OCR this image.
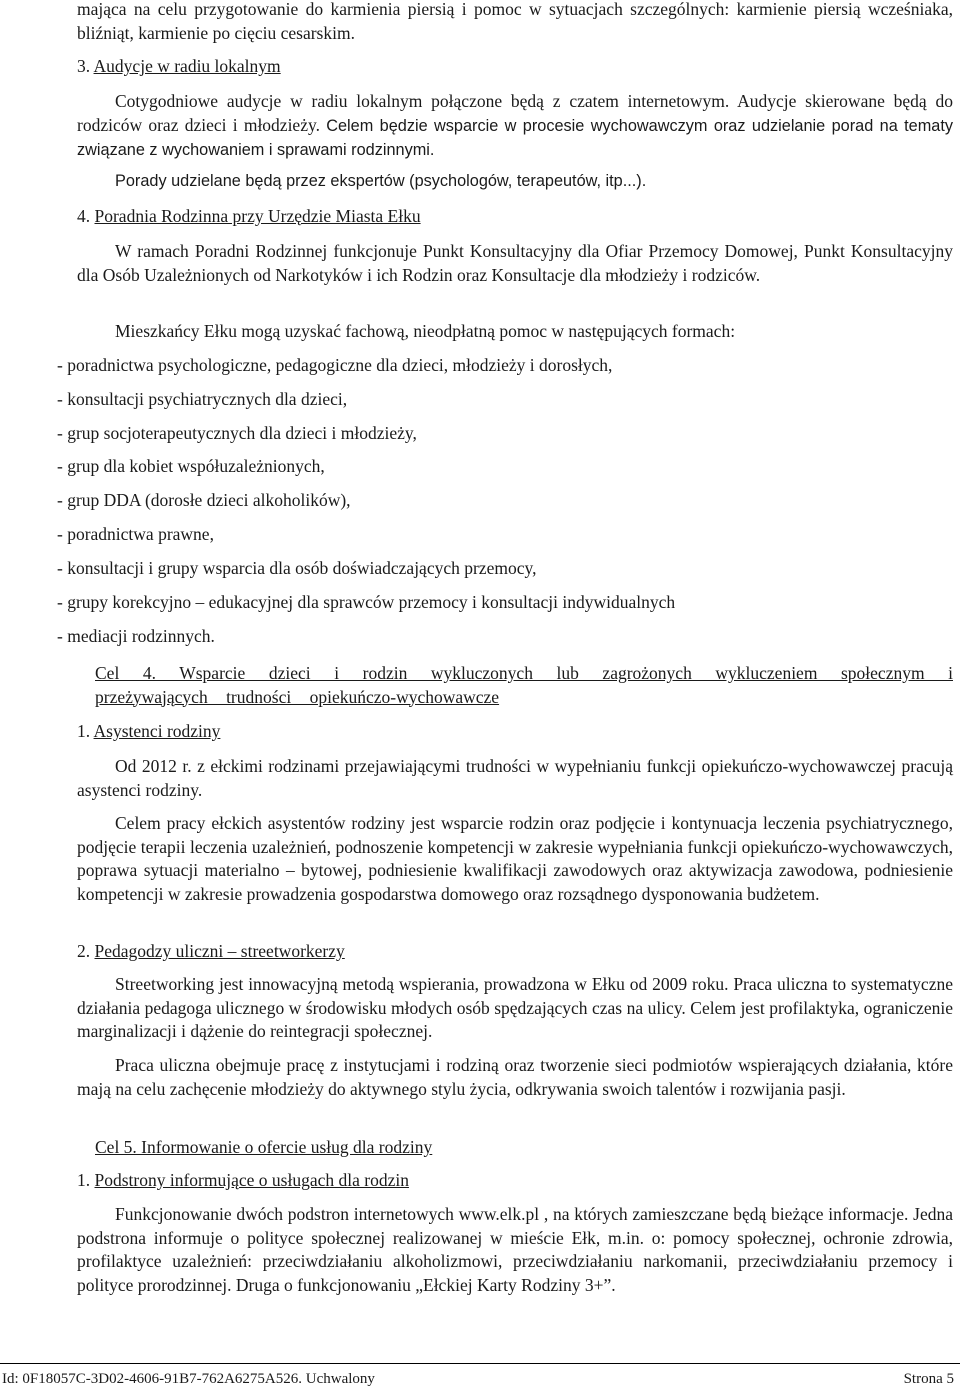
mająca na celu przygotowanie do karmienia piersią i pomoc w sytuacjach szczególnych: karmienie piersią wcześniaka, bliźniąt, karmienie po cięciu cesarskim.
3. Audycje w radiu lokalnym
Cotygodniowe audycje w radiu lokalnym połączone będą z czatem internetowym. Audycje skierowane będą do rodziców oraz dzieci i młodzieży. Celem będzie wsparcie w procesie wychowawczym oraz udzielanie porad na tematy związane z wychowaniem i sprawami rodzinnymi.
Porady udzielane będą przez ekspertów (psychologów, terapeutów, itp...).
4. Poradnia Rodzinna przy Urzędzie Miasta Ełku
W ramach Poradni Rodzinnej funkcjonuje Punkt Konsultacyjny dla Ofiar Przemocy Domowej, Punkt Konsultacyjny dla Osób Uzależnionych od Narkotyków i ich Rodzin oraz Konsultacje dla młodzieży i rodziców.
Mieszkańcy Ełku mogą uzyskać fachową, nieodpłatną pomoc w następujących formach:
- poradnictwa psychologiczne, pedagogiczne dla dzieci, młodzieży i dorosłych,
- konsultacji psychiatrycznych dla dzieci,
- grup socjoterapeutycznych dla dzieci i młodzieży,
- grup dla kobiet współuzależnionych,
- grup DDA (dorosłe dzieci alkoholików),
- poradnictwa prawne,
- konsultacji i grupy wsparcia dla osób doświadczających przemocy,
- grupy korekcyjno – edukacyjnej dla sprawców przemocy i konsultacji indywidualnych
- mediacji rodzinnych.
Cel 4. Wsparcie dzieci i rodzin wykluczonych lub zagrożonych wykluczeniem społecznym i przeżywających trudności opiekuńczo-wychowawcze
1. Asystenci rodziny
Od 2012 r. z ełckimi rodzinami przejawiającymi trudności w wypełnianiu funkcji opiekuńczo-wychowawczej pracują asystenci rodziny.
Celem pracy ełckich asystentów rodziny jest wsparcie rodzin oraz podjęcie i kontynuacja leczenia psychiatrycznego, podjęcie terapii leczenia uzależnień, podnoszenie kompetencji w zakresie wypełniania funkcji opiekuńczo-wychowawczych, poprawa sytuacji materialno – bytowej, podniesienie kwalifikacji zawodowych oraz aktywizacja zawodowa, podniesienie kompetencji w zakresie prowadzenia gospodarstwa domowego oraz rozsądnego dysponowania budżetem.
2. Pedagodzy uliczni – streetworkerzy
Streetworking jest innowacyjną metodą wspierania, prowadzona w Ełku od 2009 roku. Praca uliczna to systematyczne działania pedagoga ulicznego w środowisku młodych osób spędzających czas na ulicy. Celem jest profilaktyka, ograniczenie marginalizacji i dążenie do reintegracji społecznej.
Praca uliczna obejmuje pracę z instytucjami i rodziną oraz tworzenie sieci podmiotów wspierających działania, które mają na celu zachęcenie młodzieży do aktywnego stylu życia, odkrywania swoich talentów i rozwijania pasji.
Cel 5. Informowanie o ofercie usług dla rodziny
1. Podstrony informujące o usługach dla rodzin
Funkcjonowanie dwóch podstron internetowych www.elk.pl , na których zamieszczane będą bieżące informacje. Jedna podstrona informuje o polityce społecznej realizowanej w mieście Ełk, m.in. o: pomocy społecznej, ochronie zdrowia, profilaktyce uzależnień: przeciwdziałaniu alkoholizmowi, przeciwdziałaniu narkomanii, przeciwdziałaniu przemocy i polityce prorodzinnej. Druga o funkcjonowaniu „Ełckiej Karty Rodziny 3+”.
Id: 0F18057C-3D02-4606-91B7-762A6275A526. Uchwalony	Strona 5
